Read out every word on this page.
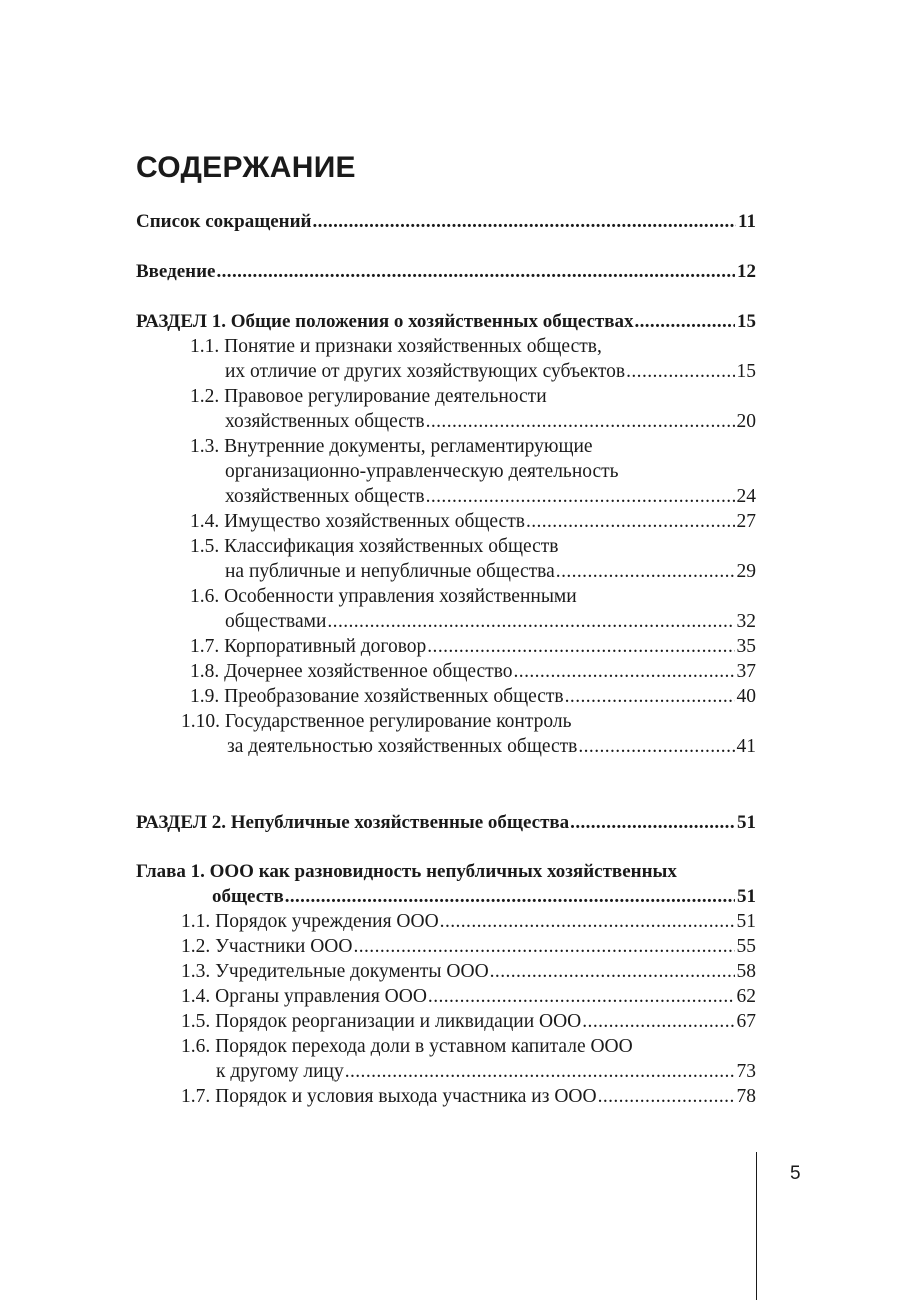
СОДЕРЖАНИЕ
Список сокращений .....	11
Введение .....	12
РАЗДЕЛ 1. Общие положения о хозяйственных обществах .....	15
1.1. Понятие и признаки хозяйственных обществ,
их отличие от других хозяйствующих субъектов .....	15
1.2. Правовое регулирование деятельности
хозяйственных обществ .....	20
1.3. Внутренние документы, регламентирующие
организационно-управленческую деятельность
хозяйственных обществ .....	24
1.4. Имущество хозяйственных обществ .....	27
1.5. Классификация хозяйственных обществ
на публичные и непубличные общества .....	29
1.6. Особенности управления хозяйственными
обществами .....	32
1.7. Корпоративный договор .....	35
1.8. Дочернее хозяйственное общество .....	37
1.9. Преобразование хозяйственных обществ .....	40
1.10. Государственное регулирование контроль
за деятельностью хозяйственных обществ .....	41
РАЗДЕЛ 2. Непубличные хозяйственные общества .....	51
Глава 1. ООО как разновидность непубличных хозяйственных
обществ .....	51
1.1. Порядок учреждения ООО .....	51
1.2. Участники ООО .....	55
1.3. Учредительные документы ООО .....	58
1.4. Органы управления ООО .....	62
1.5. Порядок реорганизации и ликвидации ООО .....	67
1.6. Порядок перехода доли в уставном капитале ООО
к другому лицу .....	73
1.7. Порядок и условия выхода участника из ООО .....	78
5
